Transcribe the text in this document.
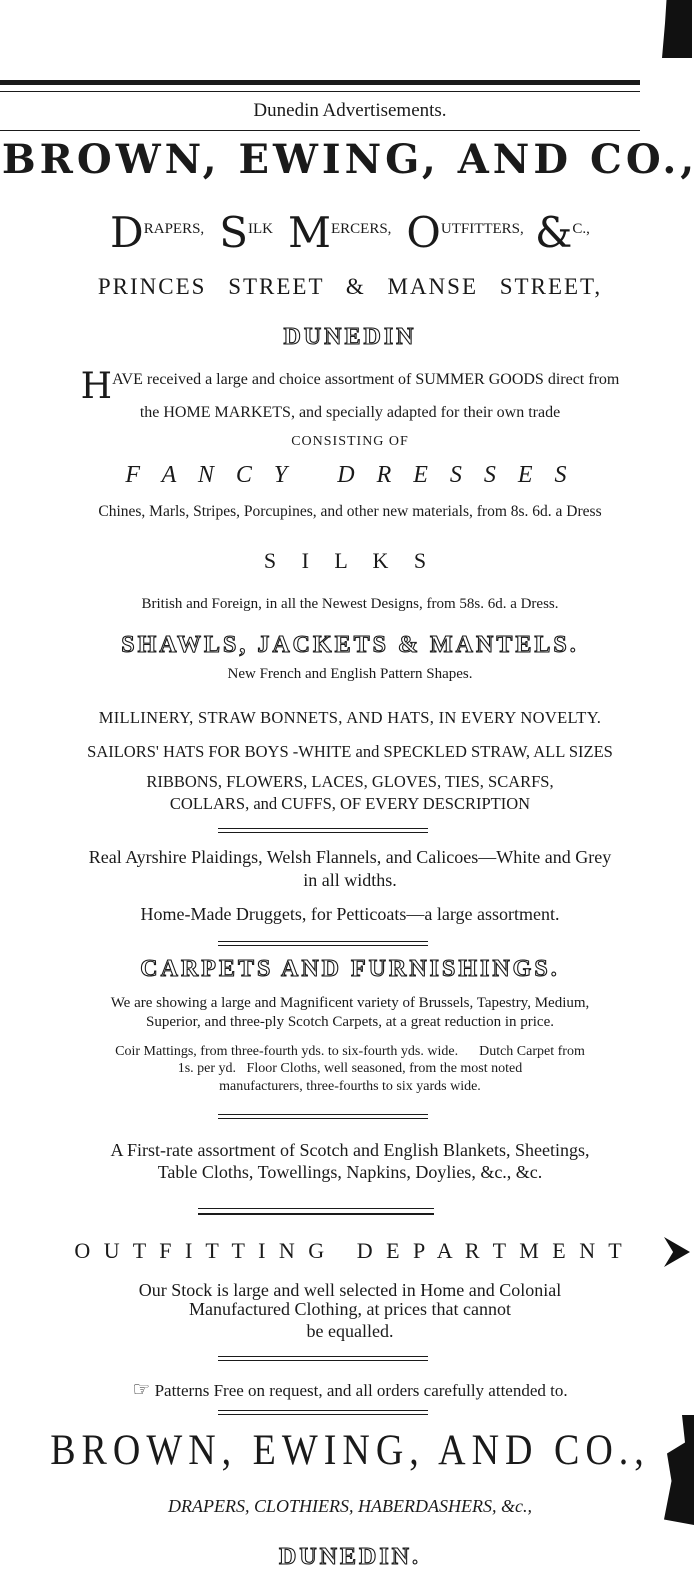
Dunedin Advertisements.
BROWN, EWING, AND CO.,
DRAPERS, SILK MERCERS, OUTFITTERS, &C.,
PRINCES STREET & MANSE STREET,
DUNEDIN
HAVE received a large and choice assortment of SUMMER GOODS direct from
the HOME MARKETS, and specially adapted for their own trade
CONSISTING OF
F A N C Y   D R E S S E S
Chines, Marls, Stripes, Porcupines, and other new materials, from 8s. 6d. a Dress
S I L K S
British and Foreign, in all the Newest Designs, from 58s. 6d. a Dress.
SHAWLS, JACKETS & MANTELS.
New French and English Pattern Shapes.
MILLINERY, STRAW BONNETS, AND HATS, IN EVERY NOVELTY.
SAILORS' HATS FOR BOYS -WHITE and SPECKLED STRAW, ALL SIZES
RIBBONS, FLOWERS, LACES, GLOVES, TIES, SCARFS,
COLLARS, and CUFFS, OF EVERY DESCRIPTION
Real Ayrshire Plaidings, Welsh Flannels, and Calicoes—White and Grey
in all widths.
Home-Made Druggets, for Petticoats—a large assortment.
CARPETS AND FURNISHINGS.
We are showing a large and Magnificent variety of Brussels, Tapestry, Medium,
Superior, and three-ply Scotch Carpets, at a great reduction in price.
Coir Mattings, from three-fourth yds. to six-fourth yds. wide.      Dutch Carpet from
1s. per yd.   Floor Cloths, well seasoned, from the most noted
manufacturers, three-fourths to six yards wide.
A First-rate assortment of Scotch and English Blankets, Sheetings,
Table Cloths, Towellings, Napkins, Doylies, &c., &c.
O U T F I T T I N G   D E P A R T M E N T
Our Stock is large and well selected in Home and Colonial
Manufactured Clothing, at prices that cannot
be equalled.
☞ Patterns Free on request, and all orders carefully attended to.
BROWN, EWING, AND CO.,
DRAPERS, CLOTHIERS, HABERDASHERS, &c.,
DUNEDIN.
